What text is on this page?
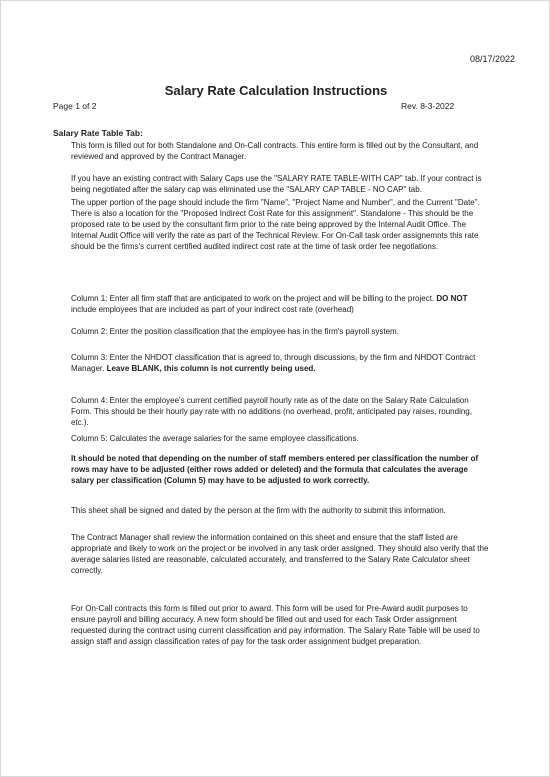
08/17/2022
Salary Rate Calculation Instructions
Page 1 of 2	Rev. 8-3-2022
Salary Rate Table Tab:

This form is filled out for both Standalone and On-Call contracts. This entire form is filled out by the Consultant, and reviewed and approved by the Contract Manager.

If you have an existing contract with Salary Caps use the "SALARY RATE TABLE-WITH CAP" tab. If your contract is being negotiated after the salary cap was eliminated use the "SALARY CAP TABLE - NO CAP" tab.

The upper portion of the page should include the firm "Name", "Project Name and Number", and the Current "Date". There is also a location for the "Proposed Indirect Cost Rate for this assignment". Standalone - This should be the proposed rate to be used by the consultant firm prior to the rate being approved by the Internal Audit Office. The Internal Audit Office will verify the rate as part of the Technical Review. For On-Call task order assignemnts this rate should be the firms's current certified audited indirect cost rate at the time of task order fee negotiations.

Column 1: Enter all firm staff that are anticipated to work on the project and will be billing to the project. DO NOT include employees that are included as part of your indirect cost rate (overhead)

Column 2: Enter the position classification that the employee has in the firm's payroll system.

Column 3: Enter the NHDOT classification that is agreed to, through discussions, by the firm and NHDOT Contract Manager. Leave BLANK, this column is not currently being used.

Column 4: Enter the employee's current certified payroll hourly rate as of the date on the Salary Rate Calculation Form. This should be their hourly pay rate with no additions (no overhead, profit, anticipated pay raises, rounding, etc.).

Column 5: Calculates the average salaries for the same employee classifications.

It should be noted that depending on the number of staff members entered per classification the number of rows may have to be adjusted (either rows added or deleted) and the formula that calculates the average salary per classification (Column 5) may have to be adjusted to work correctly.

This sheet shall be signed and dated by the person at the firm with the authority to submit this information.

The Contract Manager shall review the information contained on this sheet and ensure that the staff listed are appropriate and likely to work on the project or be involved in any task order assigned. They should also verify that the average salaries listed are reasonable, calculated accurately, and transferred to the Salary Rate Calculator sheet correctly.

For On-Call contracts this form is filled out prior to award. This form will be used for Pre-Award audit purposes to ensure payroll and billing accuracy. A new form should be filled out and used for each Task Order assignment requested during the contract using current classification and pay information. The Salary Rate Table will be used to assign staff and assign classification rates of pay for the task order assignment budget preparation.
